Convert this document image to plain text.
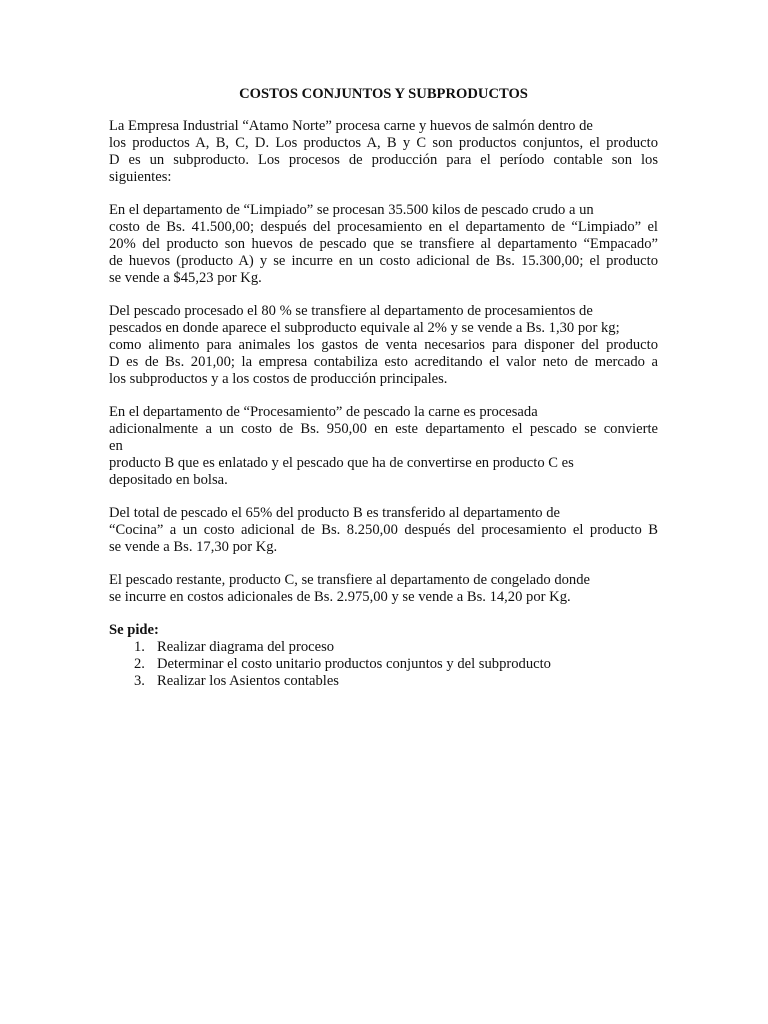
COSTOS CONJUNTOS Y SUBPRODUCTOS
La Empresa Industrial “Atamo Norte” procesa carne y huevos de salmón dentro de
los productos A, B, C, D. Los productos A, B y C son productos conjuntos, el producto
D es un subproducto. Los procesos de producción para el período contable son los
siguientes:
En el departamento de “Limpiado” se procesan 35.500 kilos de pescado crudo a un
costo de Bs. 41.500,00; después del procesamiento en el departamento de “Limpiado” el
20% del producto son huevos de pescado que se transfiere al departamento “Empacado”
de huevos (producto A) y se incurre en un costo adicional de Bs. 15.300,00; el producto
se vende a $45,23 por Kg.
Del pescado procesado el 80 % se transfiere al departamento de procesamientos de
pescados en donde aparece el subproducto equivale al 2% y se vende a Bs. 1,30 por kg;
como alimento para animales los gastos de venta necesarios para disponer del producto
D es de Bs. 201,00; la empresa contabiliza esto acreditando el valor neto de mercado a
los subproductos y a los costos de producción principales.
En el departamento de “Procesamiento” de pescado la carne es procesada
adicionalmente a un costo de Bs. 950,00 en este departamento el pescado se convierte
en
producto B que es enlatado y el pescado que ha de convertirse en producto C es
depositado en bolsa.
Del total de pescado el 65% del producto B es transferido al departamento de
“Cocina” a un costo adicional de Bs. 8.250,00 después del procesamiento el producto B
se vende a Bs. 17,30 por Kg.
El pescado restante, producto C, se transfiere al departamento de congelado donde
se incurre en costos adicionales de Bs. 2.975,00 y se vende a Bs. 14,20 por Kg.
Se pide:
1. Realizar diagrama del proceso
2. Determinar el costo unitario productos conjuntos y del subproducto
3. Realizar los Asientos contables
